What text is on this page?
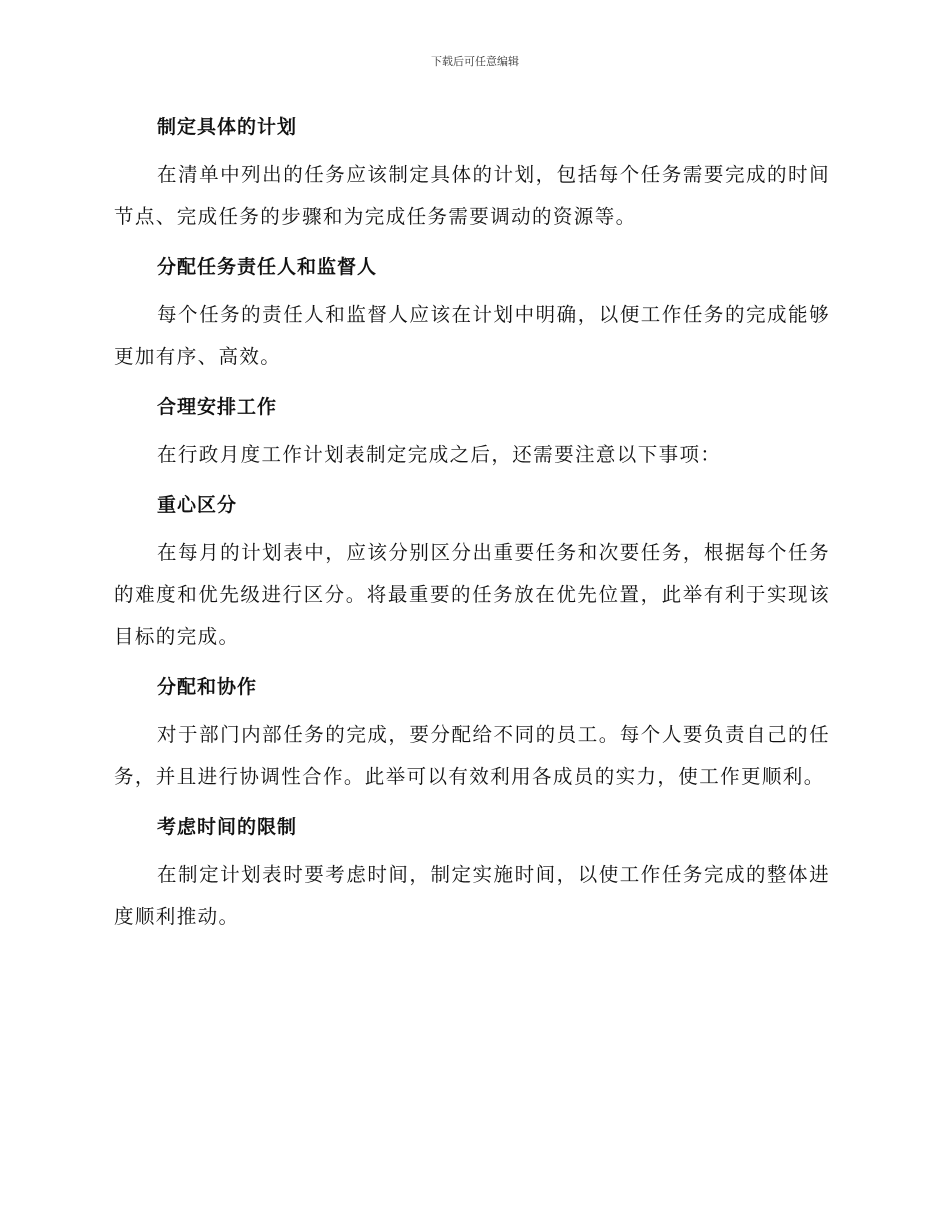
下载后可任意编辑
制定具体的计划

在清单中列出的任务应该制定具体的计划，包括每个任务需要完成的时间节点、完成任务的步骤和为完成任务需要调动的资源等。

分配任务责任人和监督人

每个任务的责任人和监督人应该在计划中明确，以便工作任务的完成能够更加有序、高效。

合理安排工作

在行政月度工作计划表制定完成之后，还需要注意以下事项：

重心区分

在每月的计划表中，应该分别区分出重要任务和次要任务，根据每个任务的难度和优先级进行区分。将最重要的任务放在优先位置，此举有利于实现该目标的完成。

分配和协作

对于部门内部任务的完成，要分配给不同的员工。每个人要负责自己的任务，并且进行协调性合作。此举可以有效利用各成员的实力，使工作更顺利。

考虑时间的限制

在制定计划表时要考虑时间，制定实施时间，以使工作任务完成的整体进度顺利推动。
